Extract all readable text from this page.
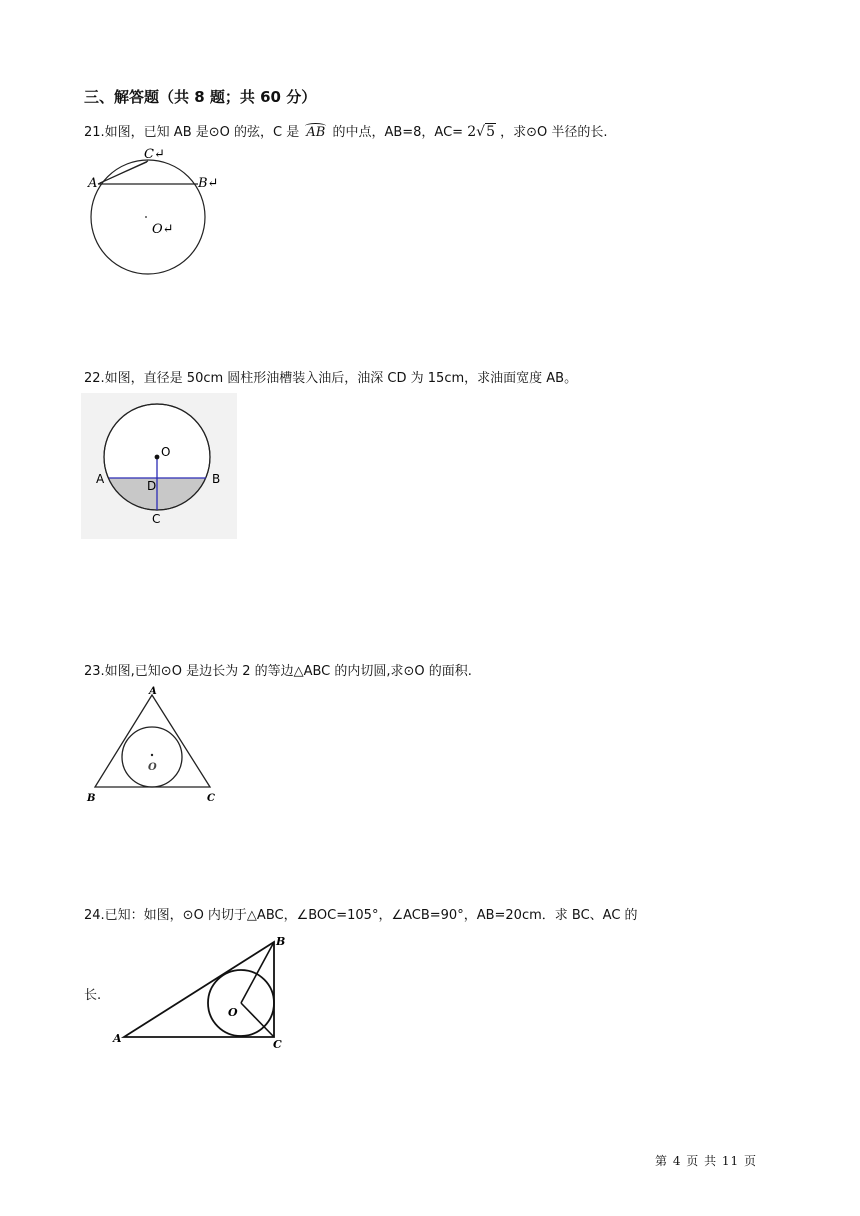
三、解答题（共 8 题；共 60 分）
21.如图，已知 AB 是⊙O 的弦，C 是 AB 的中点，AB=8，AC= 2√5 ，求⊙O 半径的长.
C↵
A	B↵
O↵
22.如图，直径是 50cm 圆柱形油槽装入油后，油深 CD 为 15cm，求油面宽度 AB。
O
A	B
D
C
23.如图,已知⊙O 是边长为 2 的等边△ABC 的内切圆,求⊙O 的面积.
A
B	C
O
24.已知：如图，⊙O 内切于△ABC，∠BOC=105°，∠ACB=90°，AB=20cm．求 BC、AC 的
长.
A
B
C
O
第 4 页 共 11 页
